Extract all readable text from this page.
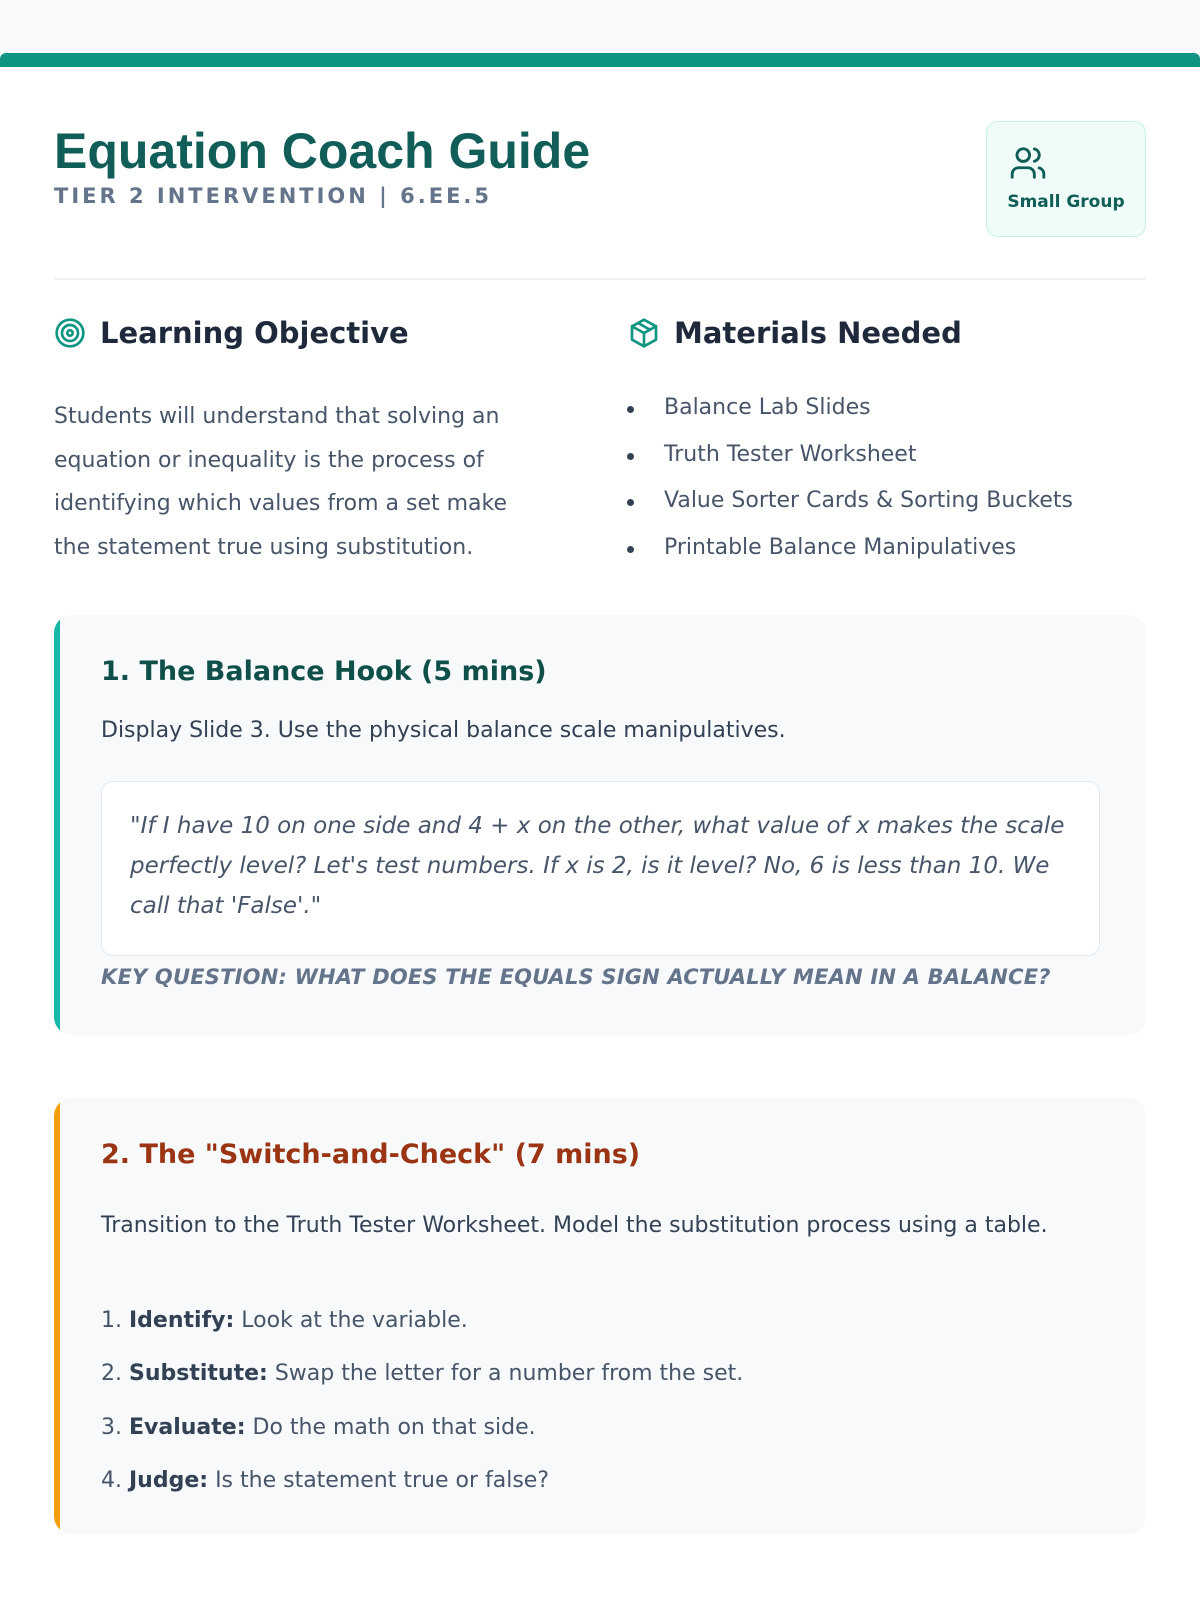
Equation Coach Guide
TIER 2 INTERVENTION | 6.EE.5	Small Group
Learning Objective

Students will understand that solving an equation or inequality is the process of identifying which values from a set make the statement true using substitution.

Materials Needed
Balance Lab Slides
Truth Tester Worksheet
Value Sorter Cards & Sorting Buckets
Printable Balance Manipulatives
1. The Balance Hook (5 mins)

Display Slide 3. Use the physical balance scale manipulatives.

"If I have 10 on one side and 4 + x on the other, what value of x makes the scale perfectly level? Let's test numbers. If x is 2, is it level? No, 6 is less than 10. We call that 'False'."

KEY QUESTION: WHAT DOES THE EQUALS SIGN ACTUALLY MEAN IN A BALANCE?
2. The "Switch-and-Check" (7 mins)

Transition to the Truth Tester Worksheet. Model the substitution process using a table.

1. Identify: Look at the variable.
2. Substitute: Swap the letter for a number from the set.
3. Evaluate: Do the math on that side.
4. Judge: Is the statement true or false?
